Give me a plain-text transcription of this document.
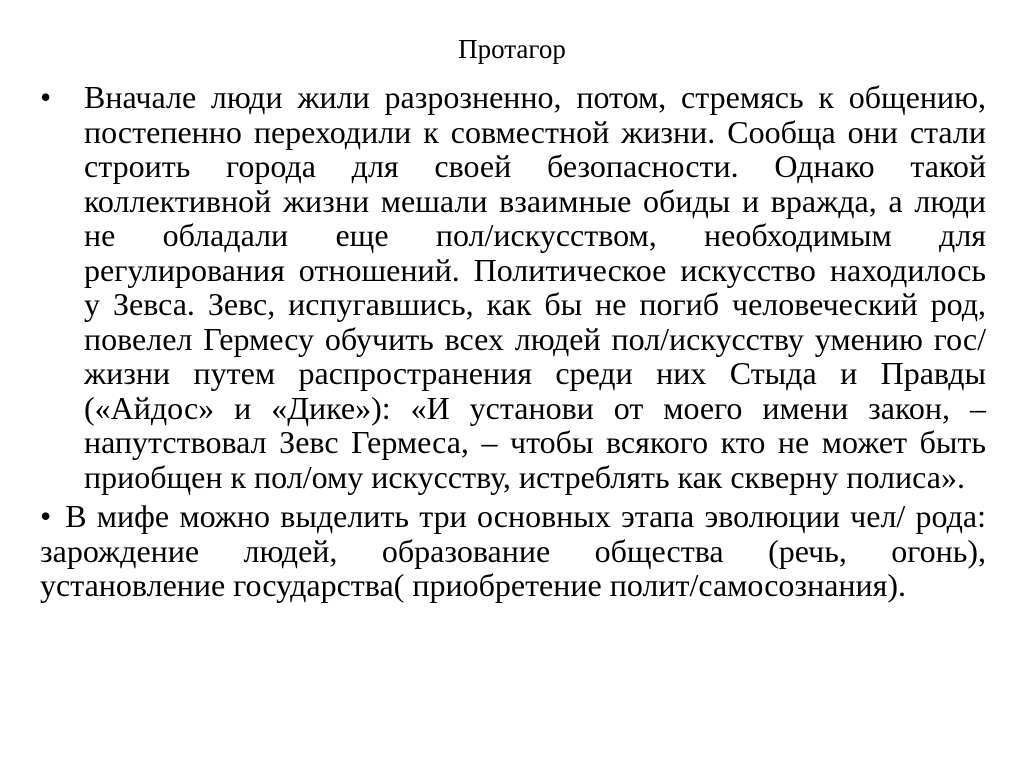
Протагор
• Вначале люди жили разрозненно, потом, стремясь к общению, постепенно переходили к совместной жизни. Сообща они стали строить города для своей безопасности. Однако такой коллективной жизни мешали взаимные обиды и вражда, а люди не обладали еще пол/искусством, необходимым для регулирования отношений. Политическое искусство находилось у Зевса. Зевс, испугавшись, как бы не погиб человеческий род, повелел Гермесу обучить всех людей пол/искусству умению гос/жизни путем распространения среди них Стыда и Правды («Айдос» и «Дике»): «И установи от моего имени закон, – напутствовал Зевс Гермеса, – чтобы всякого кто не может быть приобщен к пол/ому искусству, истреблять как скверну полиса».
• В мифе можно выделить три основных этапа эволюции чел/ рода: зарождение людей, образование общества (речь, огонь), установление государства( приобретение полит/самосознания).
